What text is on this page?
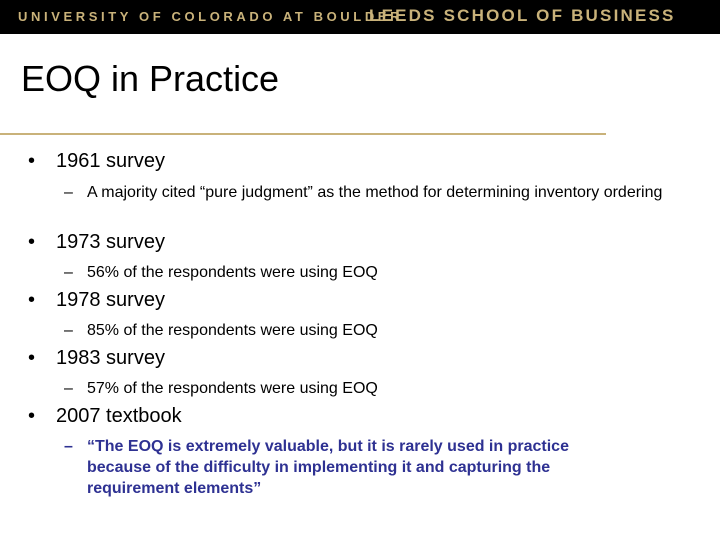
UNIVERSITY OF COLORADO AT BOULDER
LEEDS SCHOOL OF BUSINESS
EOQ in Practice
• 1961 survey
– A majority cited “pure judgment” as the method for determining inventory ordering
• 1973 survey
– 56% of the respondents were using EOQ
• 1978 survey
– 85% of the respondents were using EOQ
• 1983 survey
– 57% of the respondents were using EOQ
• 2007 textbook
– “The EOQ is extremely valuable, but it is rarely used in practice because of the difficulty in implementing it and capturing the requirement elements”
